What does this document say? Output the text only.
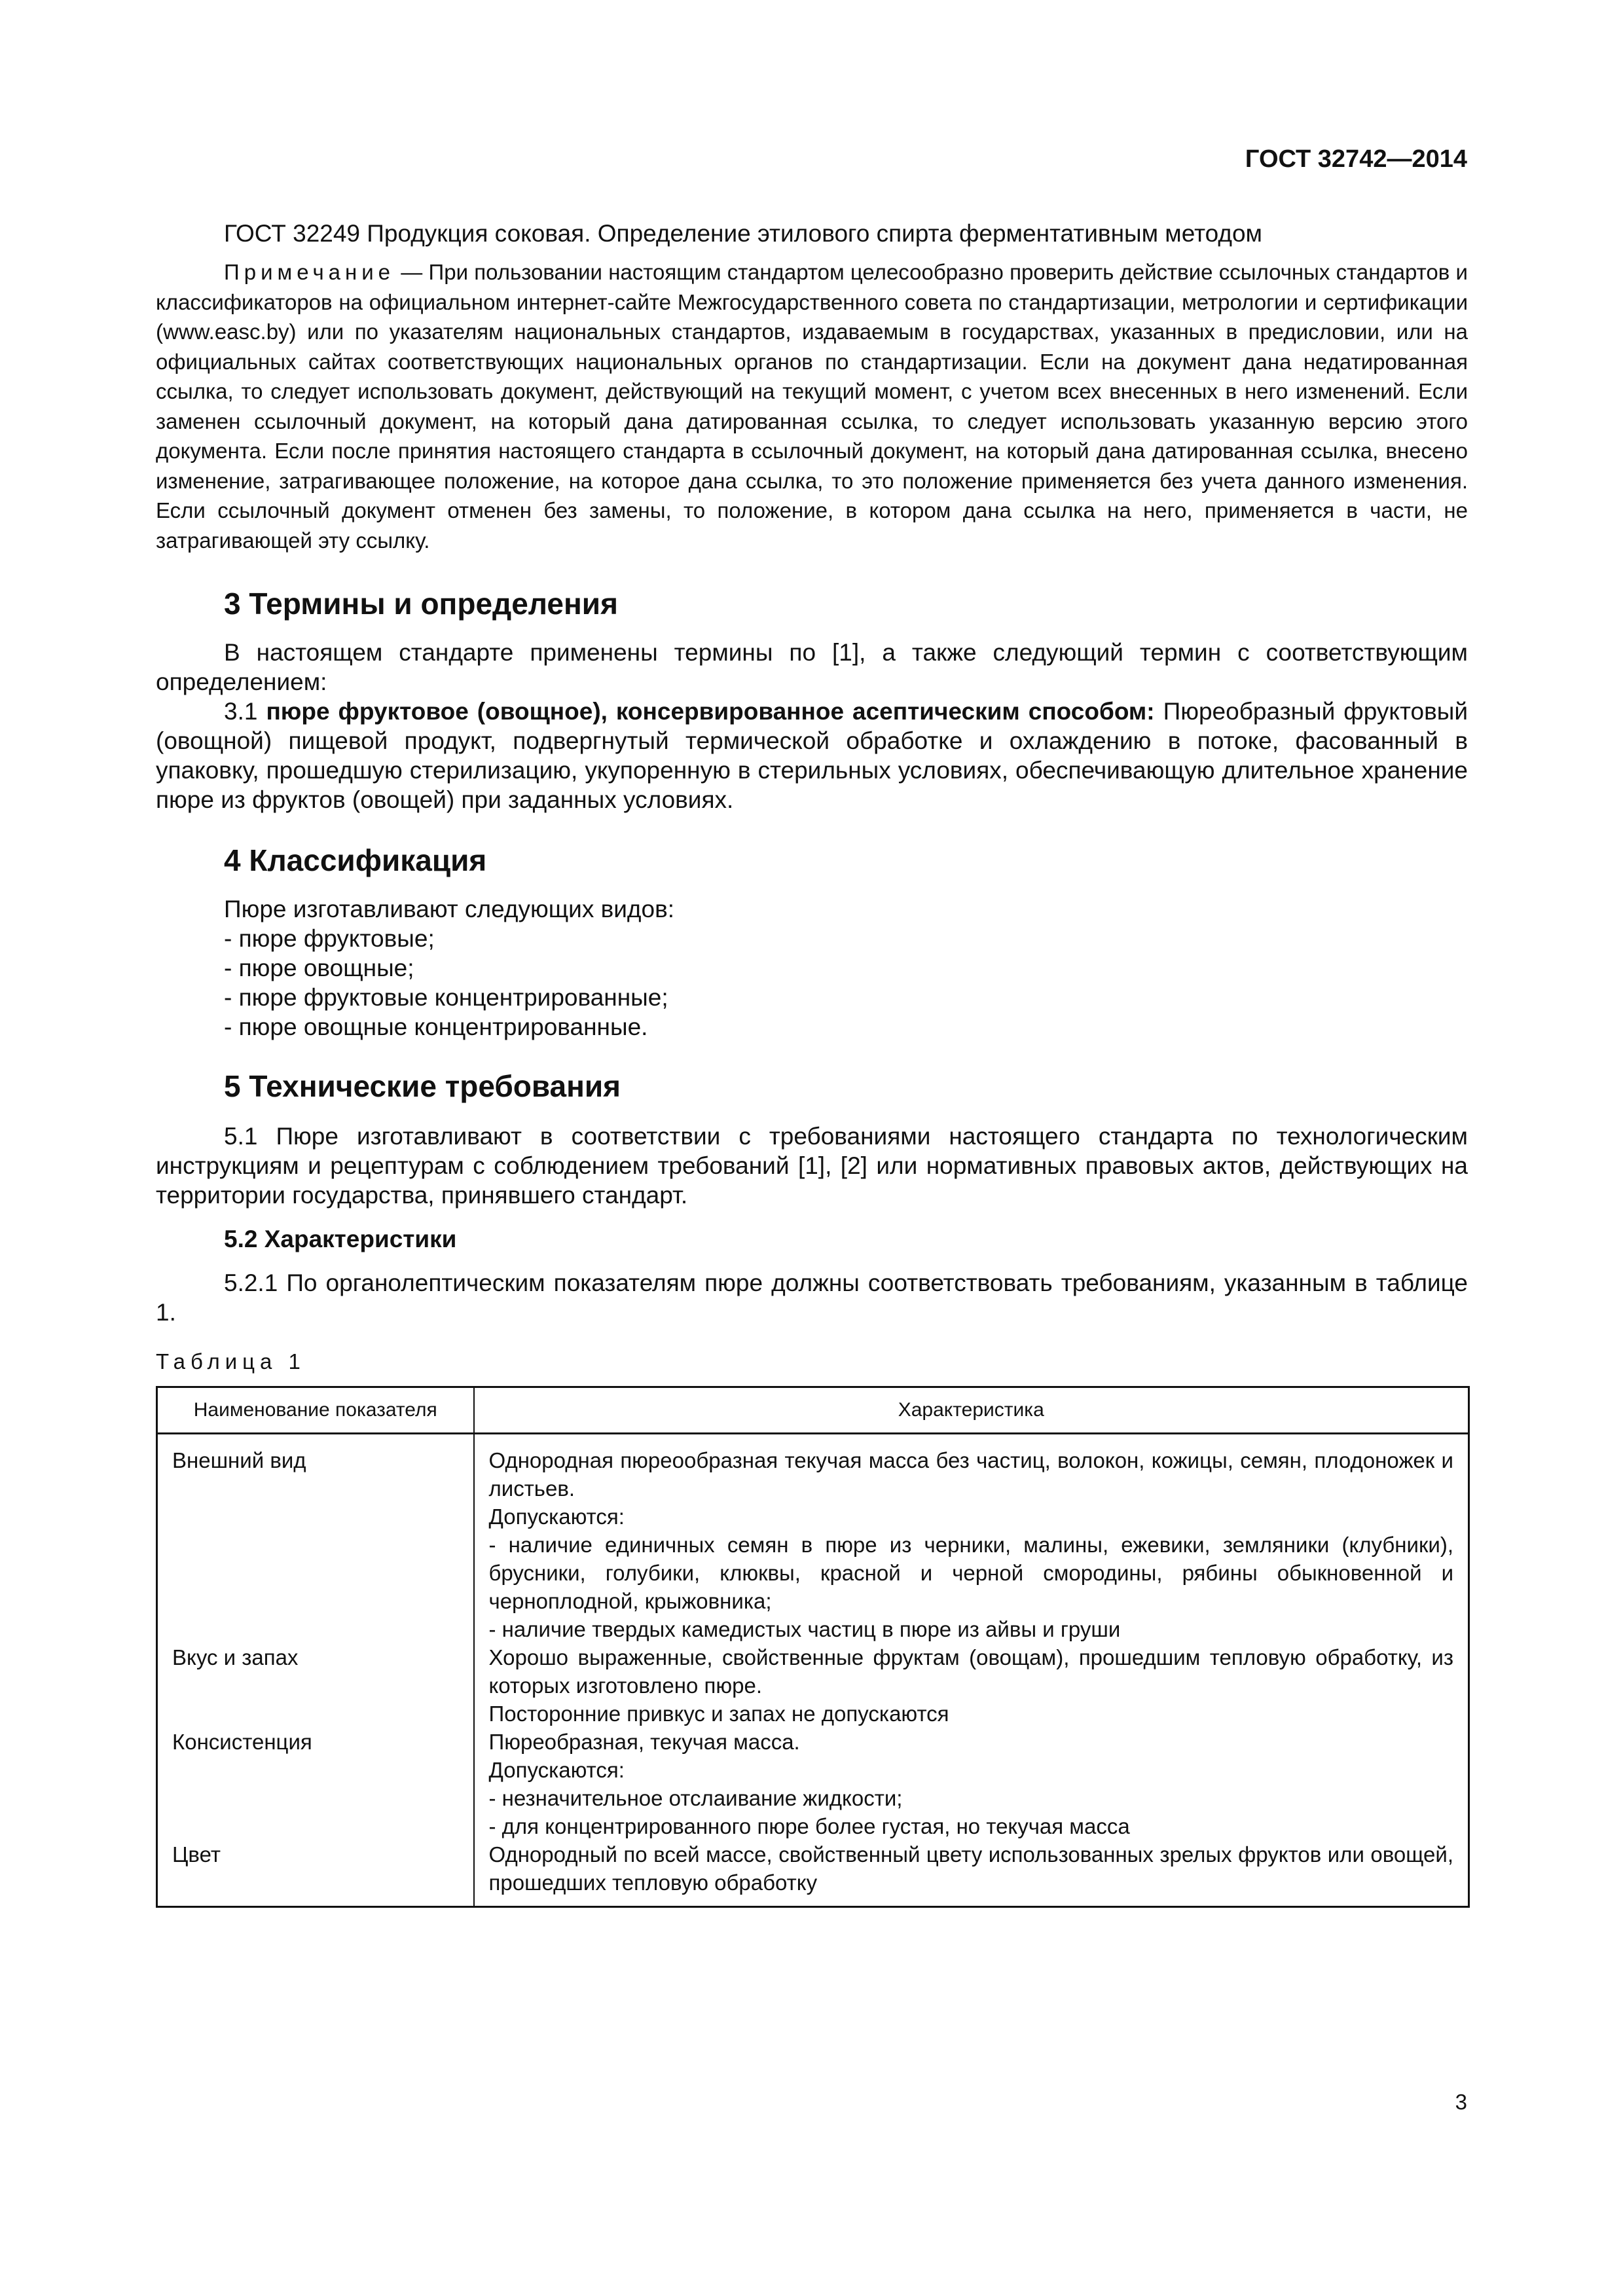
ГОСТ 32742—2014

ГОСТ 32249 Продукция соковая. Определение этилового спирта ферментативным методом

Примечание — При пользовании настоящим стандартом целесообразно проверить действие ссылочных стандартов и классификаторов на официальном интернет-сайте Межгосударственного совета по стандартизации, метрологии и сертификации (www.easc.by) или по указателям национальных стандартов, издаваемым в государствах, указанных в предисловии, или на официальных сайтах соответствующих национальных органов по стандартизации. Если на документ дана недатированная ссылка, то следует использовать документ, действующий на текущий момент, с учетом всех внесенных в него изменений. Если заменен ссылочный документ, на который дана датированная ссылка, то следует использовать указанную версию этого документа. Если после принятия настоящего стандарта в ссылочный документ, на который дана датированная ссылка, внесено изменение, затрагивающее положение, на которое дана ссылка, то это положение применяется без учета данного изменения. Если ссылочный документ отменен без замены, то положение, в котором дана ссылка на него, применяется в части, не затрагивающей эту ссылку.

3 Термины и определения

В настоящем стандарте применены термины по [1], а также следующий термин с соответствующим определением:

3.1 пюре фруктовое (овощное), консервированное асептическим способом: Пюреобразный фруктовый (овощной) пищевой продукт, подвергнутый термической обработке и охлаждению в потоке, фасованный в упаковку, прошедшую стерилизацию, укупоренную в стерильных условиях, обеспечивающую длительное хранение пюре из фруктов (овощей) при заданных условиях.

4 Классификация

Пюре изготавливают следующих видов:

- пюре фруктовые;
- пюре овощные;
- пюре фруктовые концентрированные;
- пюре овощные концентрированные.
5 Технические требования

5.1 Пюре изготавливают в соответствии с требованиями настоящего стандарта по технологическим инструкциям и рецептурам с соблюдением требований [1], [2] или нормативных правовых актов, действующих на территории государства, принявшего стандарт.

5.2 Характеристики

5.2.1 По органолептическим показателям пюре должны соответствовать требованиям, указанным в таблице 1.

Таблица 1

Наименование показателя	Характеристика
Внешний вид	Однородная пюреообразная текучая масса без частиц, волокон, кожицы, семян, плодоножек и листьев.
Допускаются:
- наличие единичных семян в пюре из черники, малины, ежевики, земляники (клубники), брусники, голубики, клюквы, красной и черной смородины, рябины обыкновенной и черноплодной, крыжовника;
- наличие твердых камедистых частиц в пюре из айвы и груши

Вкус и запах	Хорошо выраженные, свойственные фруктам (овощам), прошедшим тепловую обработку, из которых изготовлено пюре.
Посторонние привкус и запах не допускаются

Консистенция	Пюреобразная, текучая масса.
Допускаются:
- незначительное отслаивание жидкости;
- для концентрированного пюре более густая, но текучая масса

Цвет	Однородный по всей массе, свойственный цвету использованных зрелых фруктов или овощей, прошедших тепловую обработку
3
